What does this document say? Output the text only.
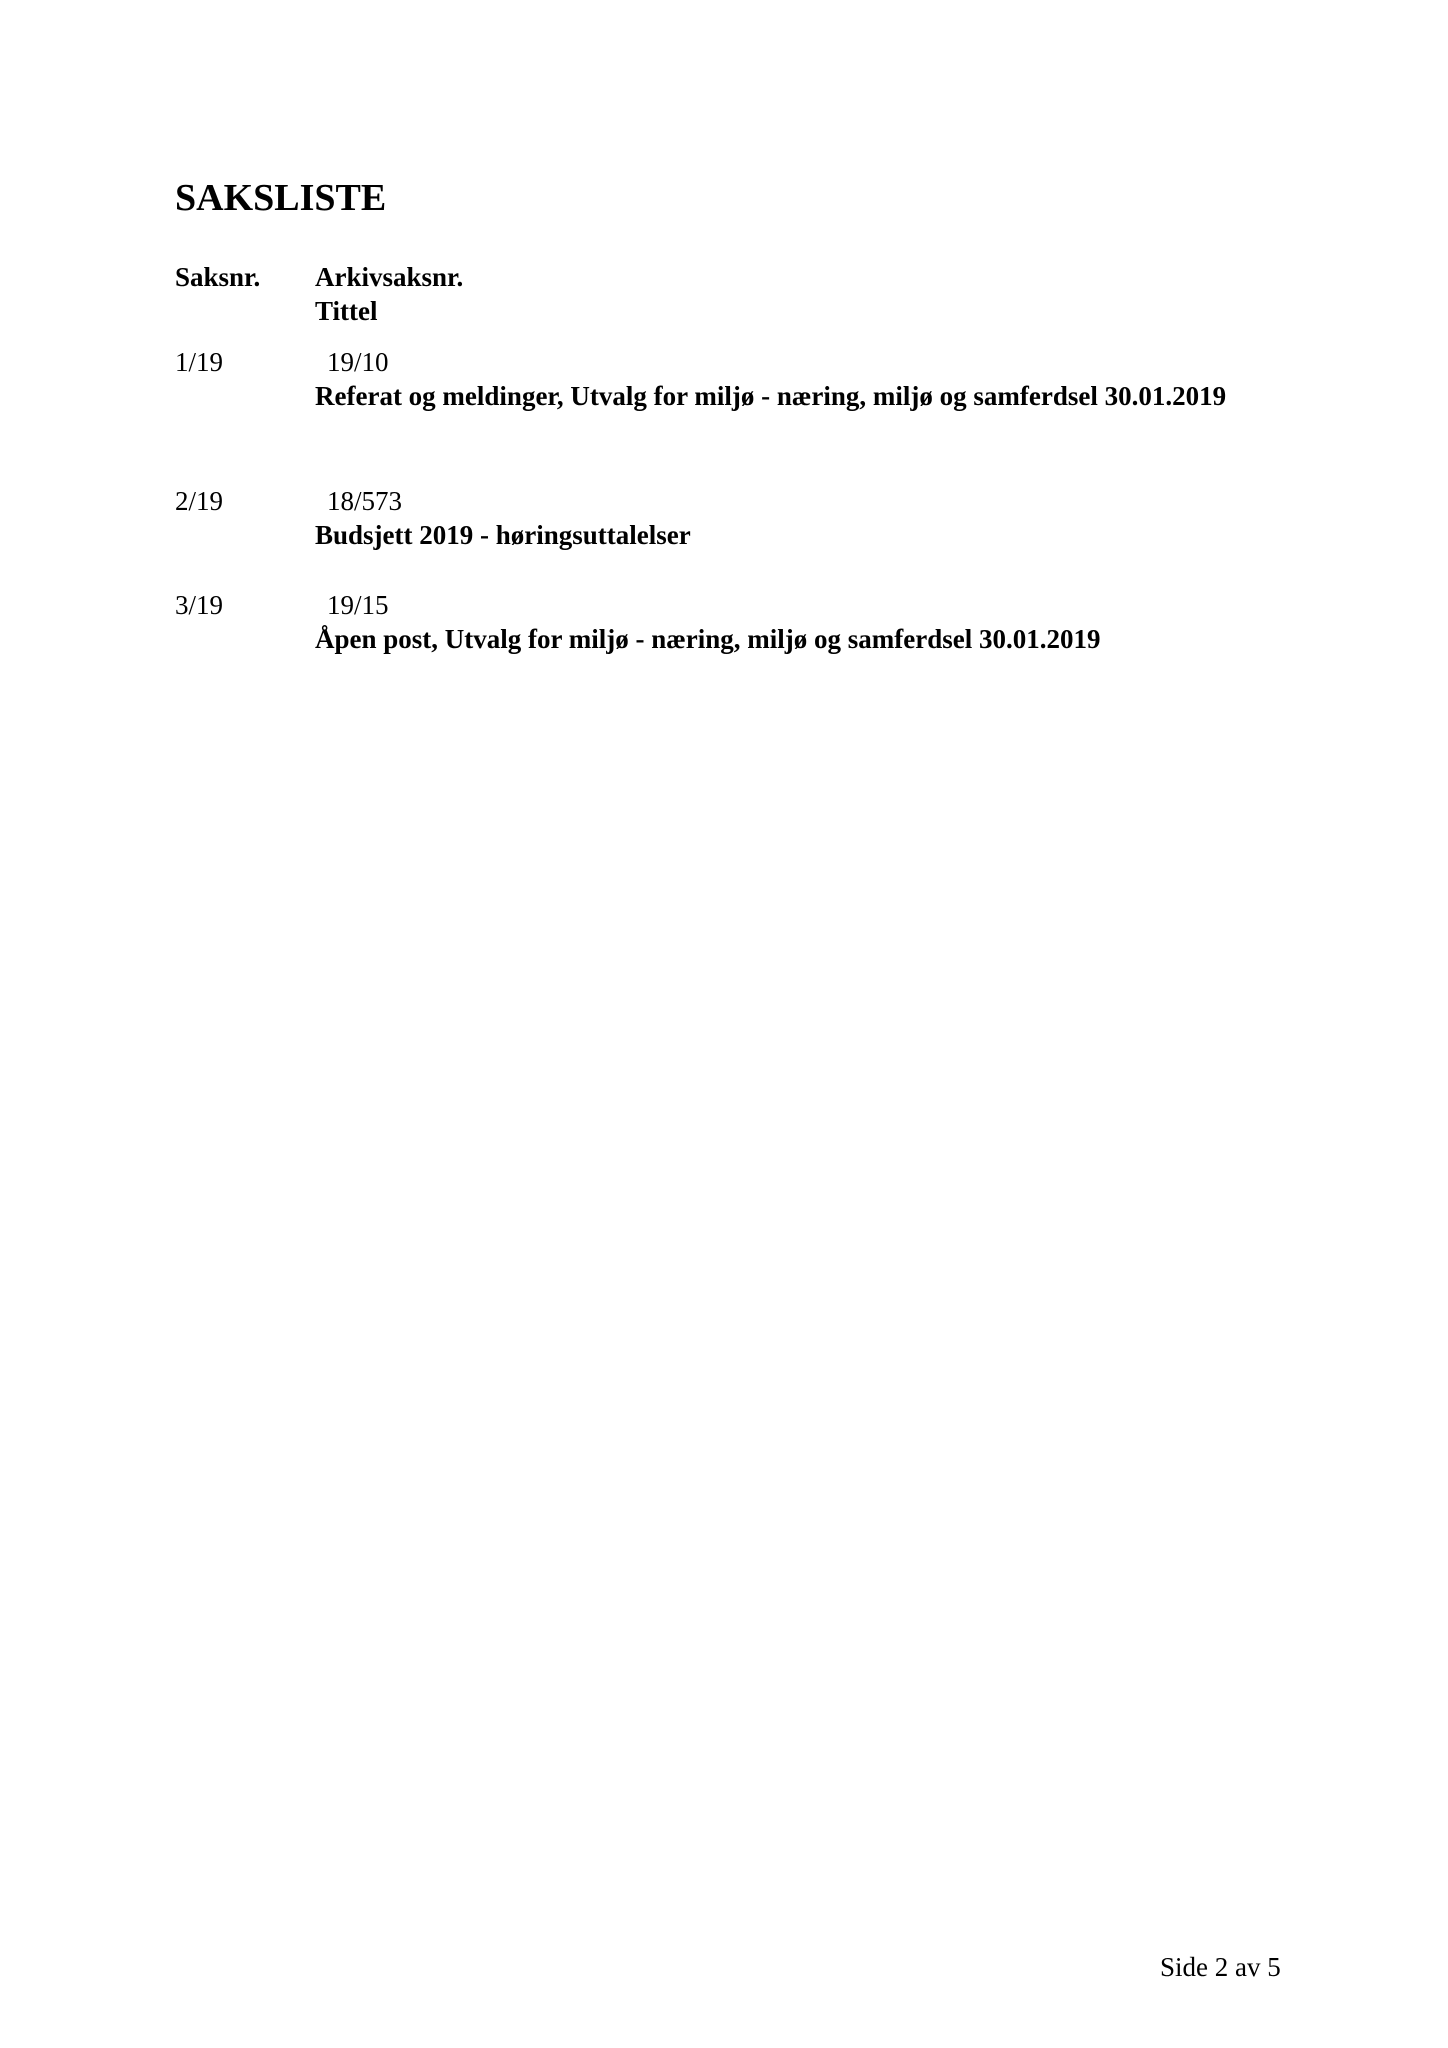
SAKSLISTE
Saksnr.	Arkivsaksnr.
Tittel
1/19	19/10
Referat og meldinger, Utvalg for miljø - næring, miljø og samferdsel 30.01.2019
2/19	18/573
Budsjett 2019 - høringsuttalelser
3/19	19/15
Åpen post, Utvalg for miljø - næring, miljø og samferdsel 30.01.2019
Side 2 av 5
